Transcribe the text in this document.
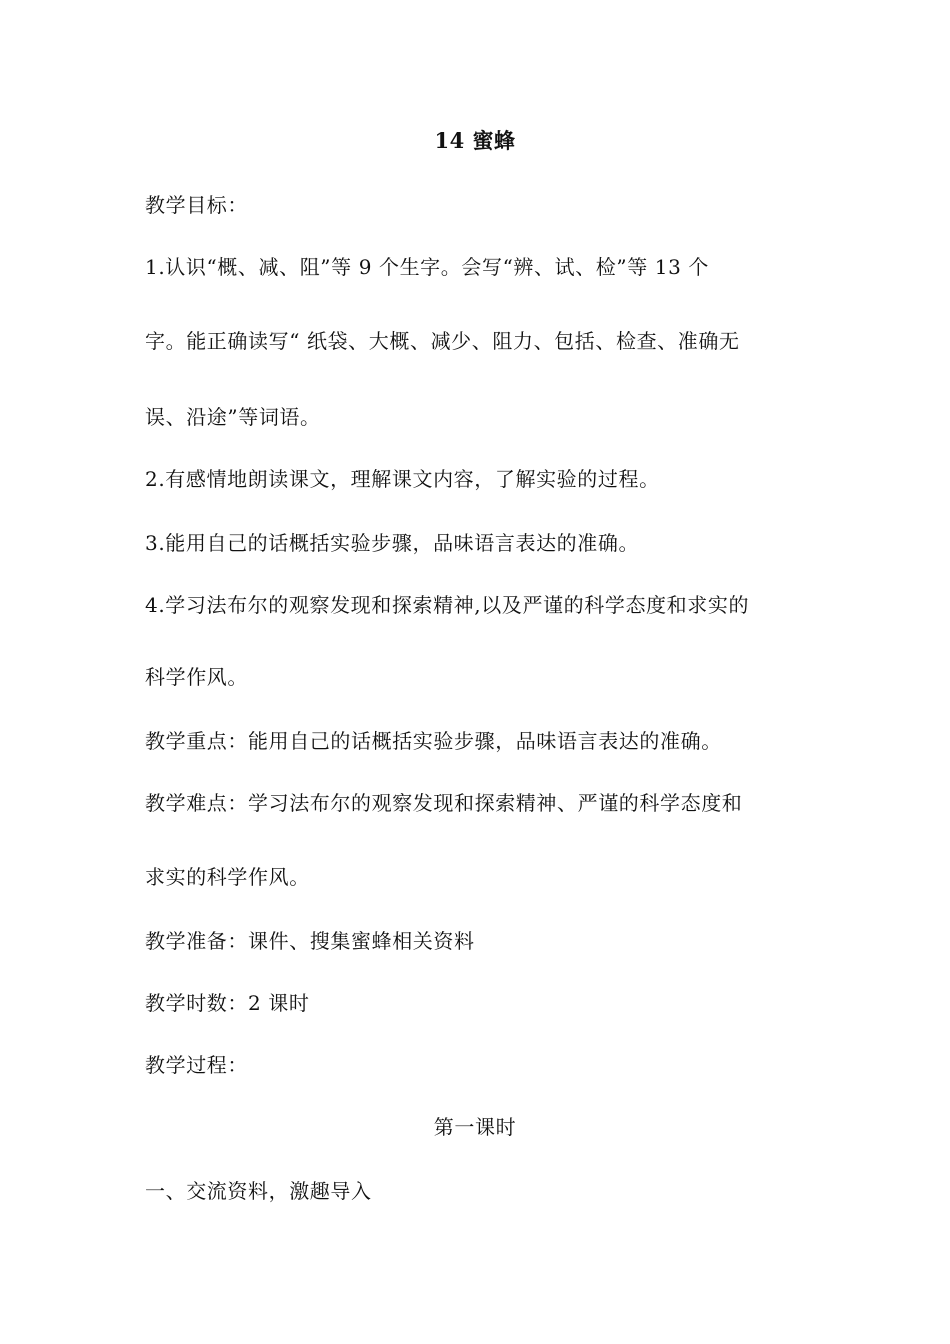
14 蜜蜂
教学目标：
1.认识“概、减、阻”等 9 个生字。会写“辨、试、检”等 13 个
字。能正确读写“ 纸袋、大概、减少、阻力、包括、检查、准确无
误、沿途”等词语。
2.有感情地朗读课文，理解课文内容，了解实验的过程。
3.能用自己的话概括实验步骤，品味语言表达的准确。
4.学习法布尔的观察发现和探索精神,以及严谨的科学态度和求实的
科学作风。
教学重点：能用自己的话概括实验步骤，品味语言表达的准确。
教学难点：学习法布尔的观察发现和探索精神、严谨的科学态度和
求实的科学作风。
教学准备：课件、搜集蜜蜂相关资料
教学时数：2 课时
教学过程：
第一课时
一、交流资料，激趣导入
